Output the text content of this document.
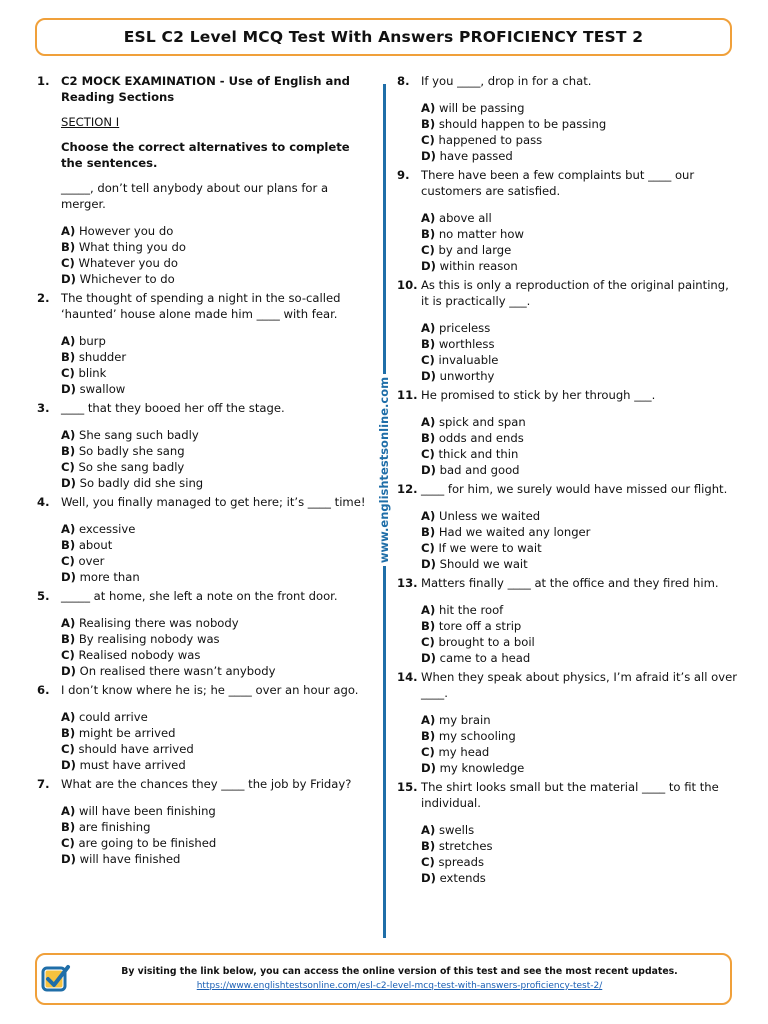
ESL C2 Level MCQ Test With Answers PROFICIENCY TEST 2
www.englishtestsonline.com
1. C2 MOCK EXAMINATION - Use of English and Reading Sections
SECTION I
Choose the correct alternatives to complete the sentences.
_____, don’t tell anybody about our plans for a merger.
A) However you do
B) What thing you do
C) Whatever you do
D) Whichever to do
2. The thought of spending a night in the so-called ‘haunted’ house alone made him ____ with fear.
A) burp
B) shudder
C) blink
D) swallow
3. ____ that they booed her off the stage.
A) She sang such badly
B) So badly she sang
C) So she sang badly
D) So badly did she sing
4. Well, you finally managed to get here; it’s ____ time!
A) excessive
B) about
C) over
D) more than
5. _____ at home, she left a note on the front door.
A) Realising there was nobody
B) By realising nobody was
C) Realised nobody was
D) On realised there wasn’t anybody
6. I don’t know where he is; he ____ over an hour ago.
A) could arrive
B) might be arrived
C) should have arrived
D) must have arrived
7. What are the chances they ____ the job by Friday?
A) will have been finishing
B) are finishing
C) are going to be finished
D) will have finished
8. If you ____, drop in for a chat.
A) will be passing
B) should happen to be passing
C) happened to pass
D) have passed
9. There have been a few complaints but ____ our customers are satisfied.
A) above all
B) no matter how
C) by and large
D) within reason
10. As this is only a reproduction of the original painting, it is practically ___.
A) priceless
B) worthless
C) invaluable
D) unworthy
11. He promised to stick by her through ___.
A) spick and span
B) odds and ends
C) thick and thin
D) bad and good
12. ____ for him, we surely would have missed our flight.
A) Unless we waited
B) Had we waited any longer
C) If we were to wait
D) Should we wait
13. Matters finally ____ at the office and they fired him.
A) hit the roof
B) tore off a strip
C) brought to a boil
D) came to a head
14. When they speak about physics, I’m afraid it’s all over ____.
A) my brain
B) my schooling
C) my head
D) my knowledge
15. The shirt looks small but the material ____ to fit the individual.
A) swells
B) stretches
C) spreads
D) extends
By visiting the link below, you can access the online version of this test and see the most recent updates.
https://www.englishtestsonline.com/esl-c2-level-mcq-test-with-answers-proficiency-test-2/
